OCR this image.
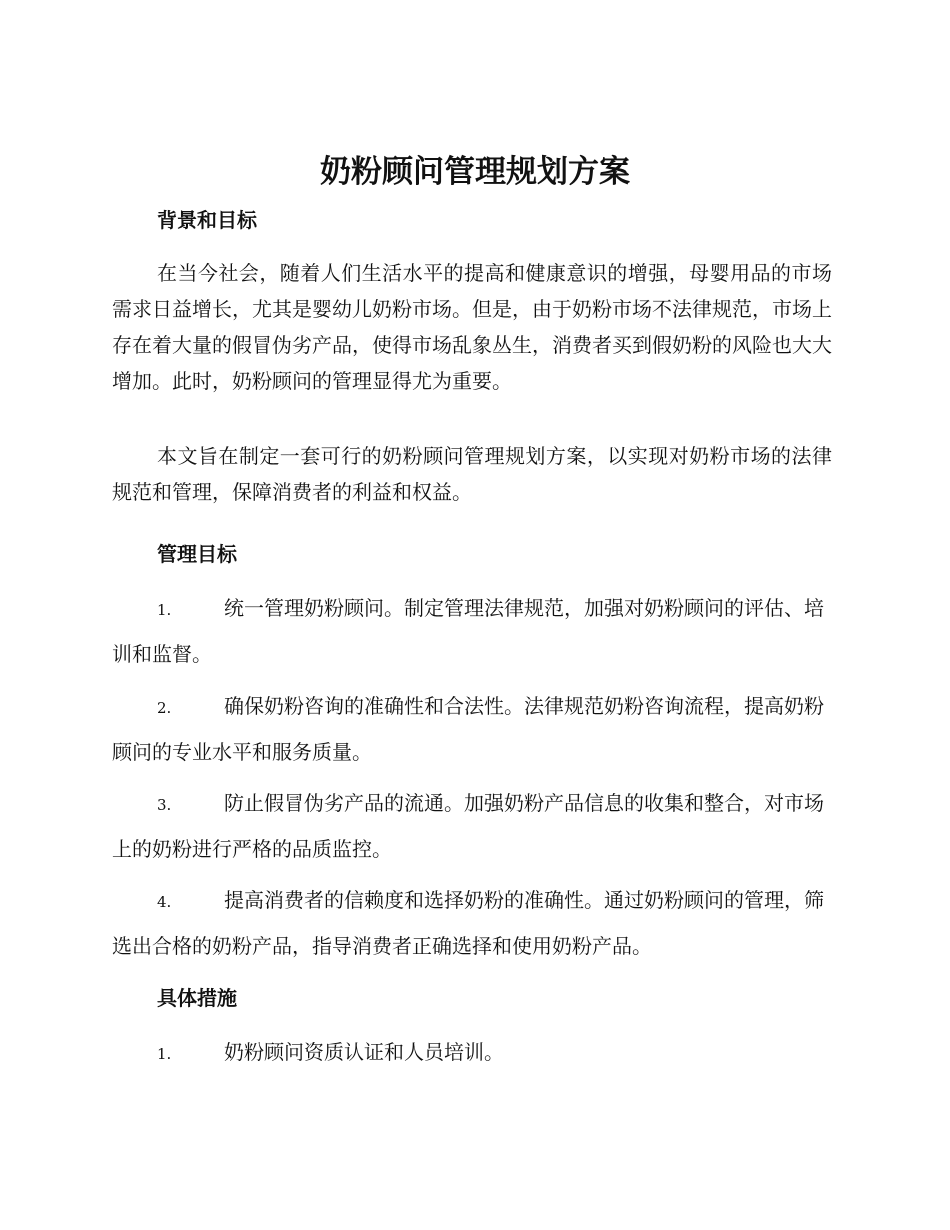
奶粉顾问管理规划方案
背景和目标

在当今社会，随着人们生活水平的提高和健康意识的增强，母婴用品的市场需求日益增长，尤其是婴幼儿奶粉市场。但是，由于奶粉市场不法律规范，市场上存在着大量的假冒伪劣产品，使得市场乱象丛生，消费者买到假奶粉的风险也大大增加。此时，奶粉顾问的管理显得尤为重要。

本文旨在制定一套可行的奶粉顾问管理规划方案，以实现对奶粉市场的法律规范和管理，保障消费者的利益和权益。

管理目标
1.	统一管理奶粉顾问。制定管理法律规范，加强对奶粉顾问的评估、培训和监督。
2.	确保奶粉咨询的准确性和合法性。法律规范奶粉咨询流程，提高奶粉顾问的专业水平和服务质量。
3.	防止假冒伪劣产品的流通。加强奶粉产品信息的收集和整合，对市场上的奶粉进行严格的品质监控。
4.	提高消费者的信赖度和选择奶粉的准确性。通过奶粉顾问的管理，筛选出合格的奶粉产品，指导消费者正确选择和使用奶粉产品。
具体措施
1.	奶粉顾问资质认证和人员培训。
